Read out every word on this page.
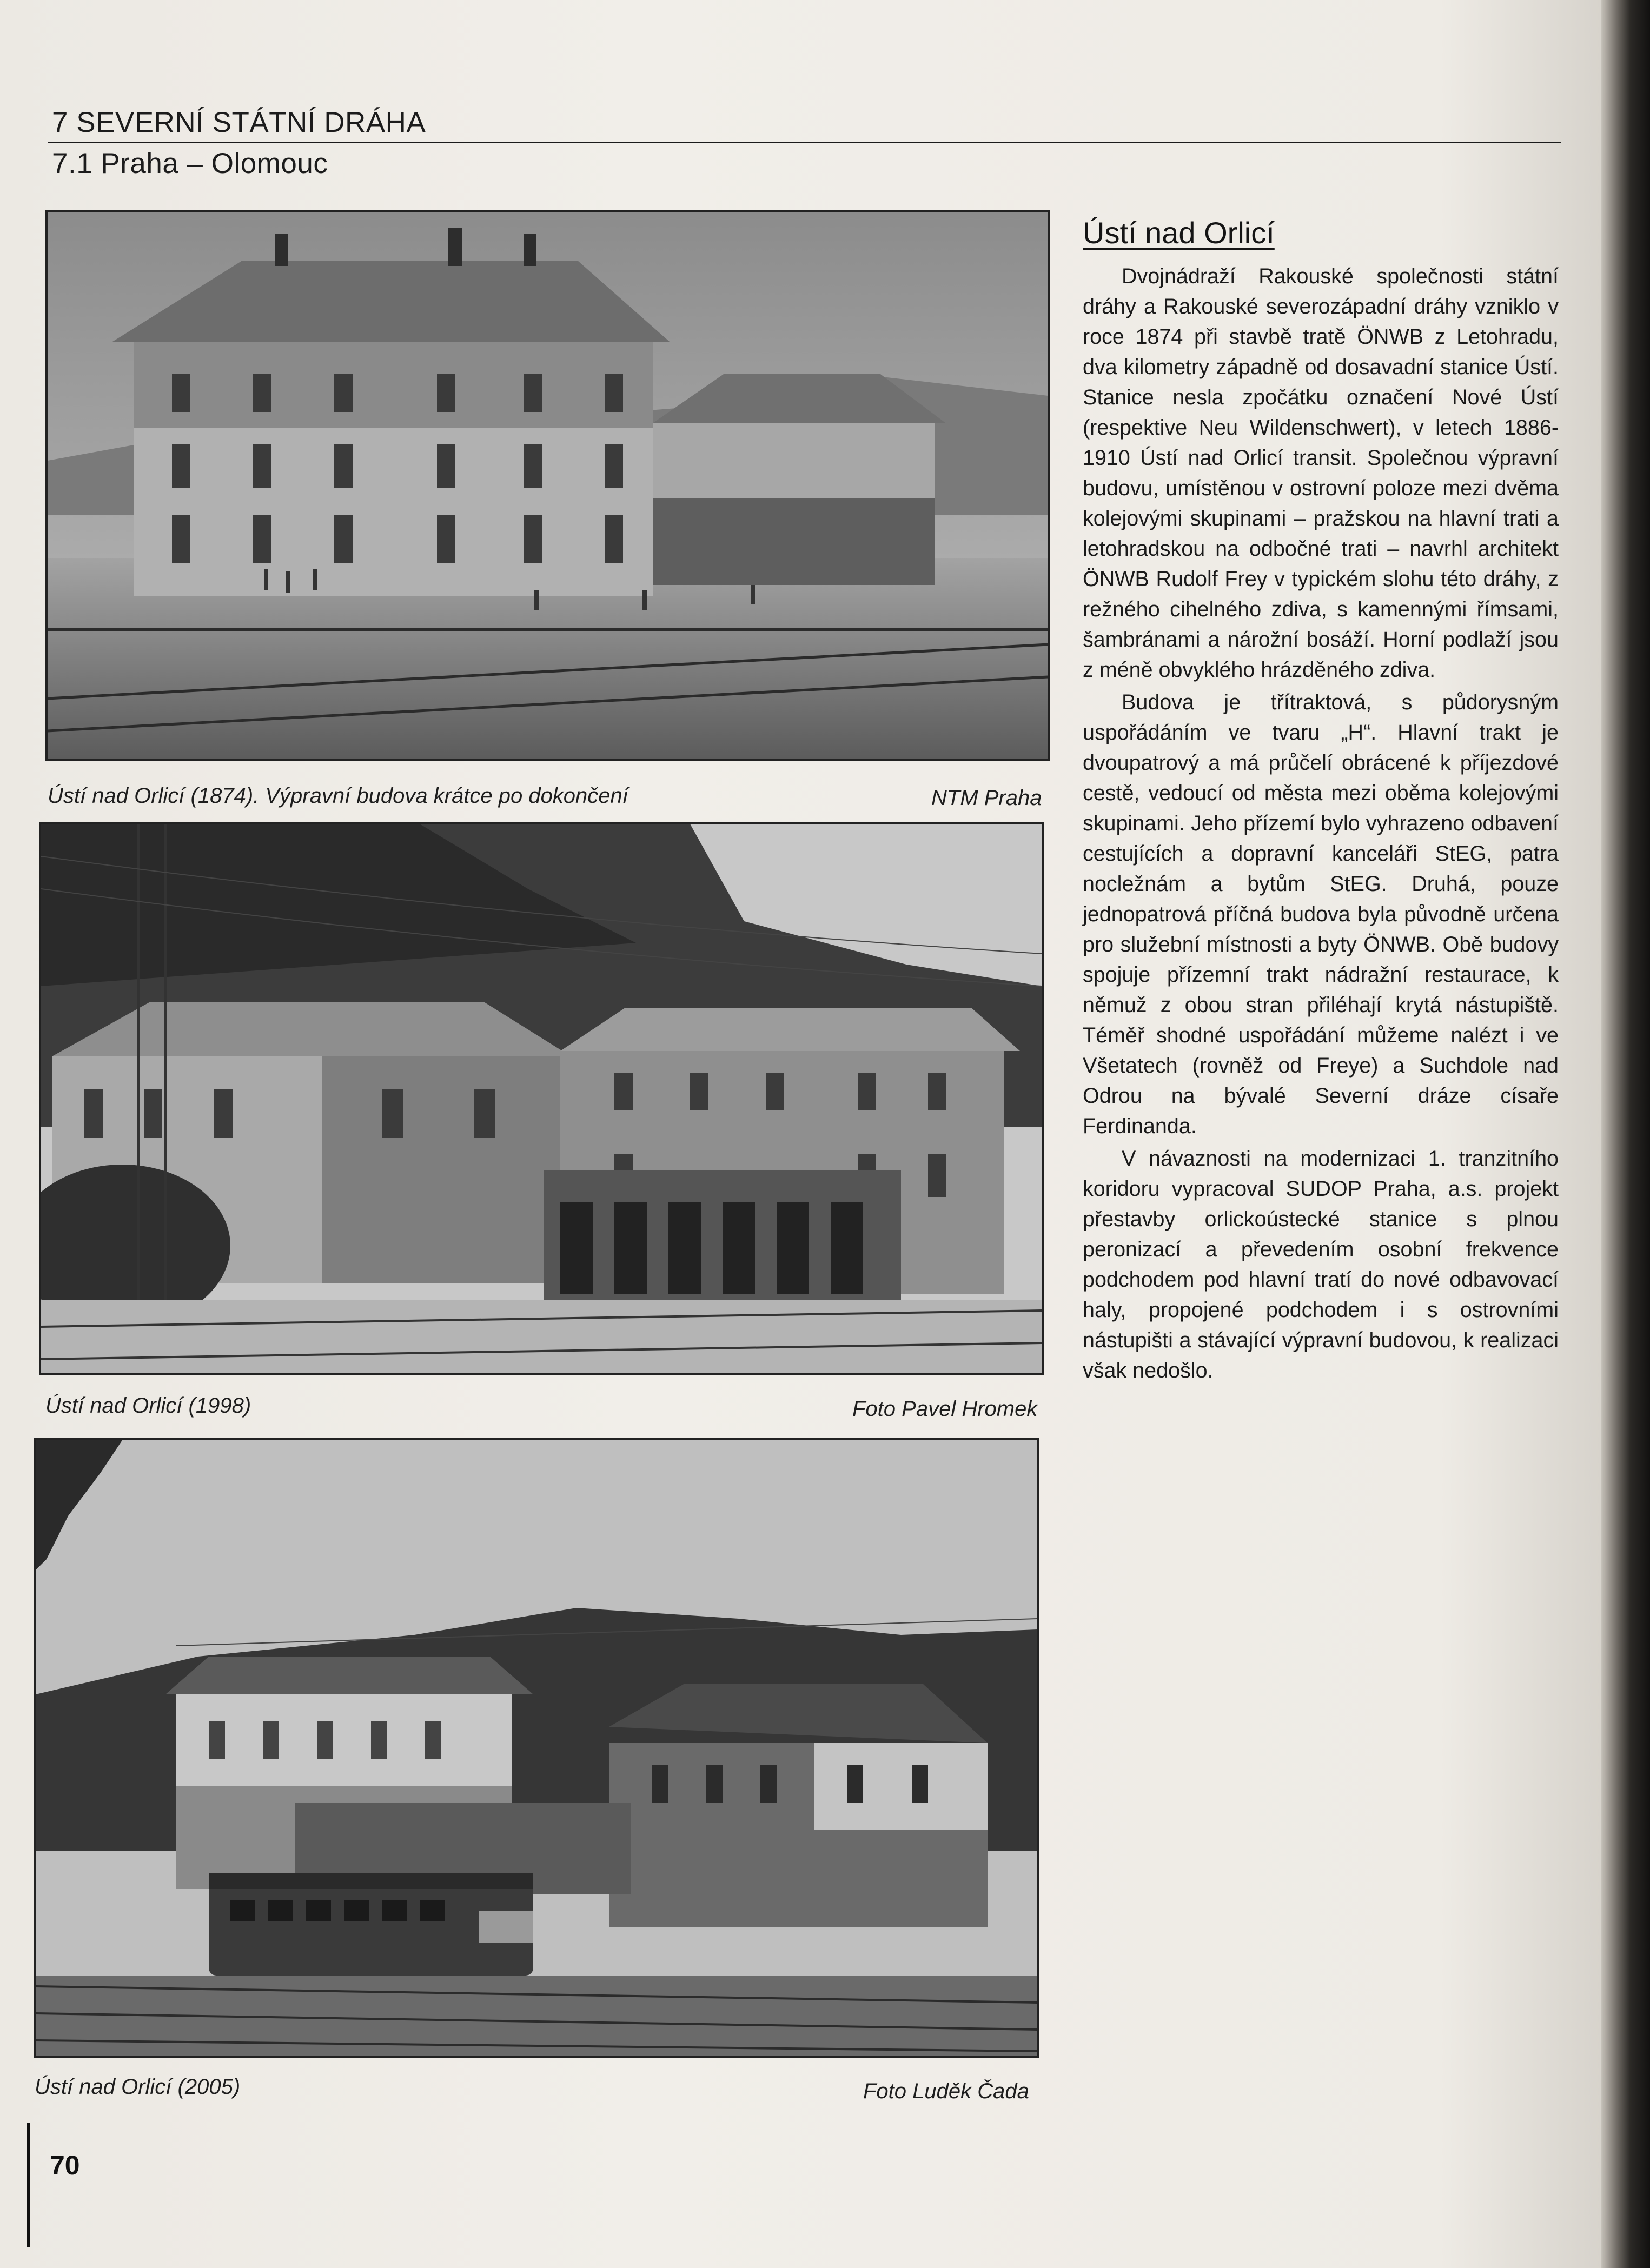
7 SEVERNÍ STÁTNÍ DRÁHA
7.1 Praha – Olomouc
Ústí nad Orlicí (1874). Výpravní budova krátce po dokončení	NTM Praha
Ústí nad Orlicí (1998)	Foto Pavel Hromek
Ústí nad Orlicí (2005)	Foto Luděk Čada
Ústí nad Orlicí

Dvojnádraží Rakouské společnosti státní dráhy a Rakouské severozápadní dráhy vzniklo v roce 1874 při stavbě tratě ÖNWB z Letohradu, dva kilometry západně od dosavadní stanice Ústí. Stanice nesla zpočátku označení Nové Ústí (respektive Neu Wildenschwert), v letech 1886-1910 Ústí nad Orlicí transit. Společnou výpravní budovu, umístěnou v ostrovní poloze mezi dvěma kolejovými skupinami – pražskou na hlavní trati a letohradskou na odbočné trati – navrhl architekt ÖNWB Rudolf Frey v typickém slohu této dráhy, z režného cihelného zdiva, s kamennými římsami, šambránami a nárožní bosáží. Horní podlaží jsou z méně obvyklého hrázděného zdiva.

Budova je třítraktová, s půdorysným uspořádáním ve tvaru „H“. Hlavní trakt je dvoupatrový a má průčelí obrácené k příjezdové cestě, vedoucí od města mezi oběma kolejovými skupinami. Jeho přízemí bylo vyhrazeno odbavení cestujících a dopravní kanceláři StEG, patra nocležnám a bytům StEG. Druhá, pouze jednopatrová příčná budova byla původně určena pro služební místnosti a byty ÖNWB. Obě budovy spojuje přízemní trakt nádražní restaurace, k němuž z obou stran přiléhají krytá nástupiště. Téměř shodné uspořádání můžeme nalézt i ve Všetatech (rovněž od Freye) a Suchdole nad Odrou na bývalé Severní dráze císaře Ferdinanda.

V návaznosti na modernizaci 1. tranzitního koridoru vypracoval SUDOP Praha, a.s. projekt přestavby orlickoústecké stanice s plnou peronizací a převedením osobní frekvence podchodem pod hlavní tratí do nové odbavovací haly, propojené podchodem i s ostrovními nástupišti a stávající výpravní budovou, k realizaci však nedošlo.

70
